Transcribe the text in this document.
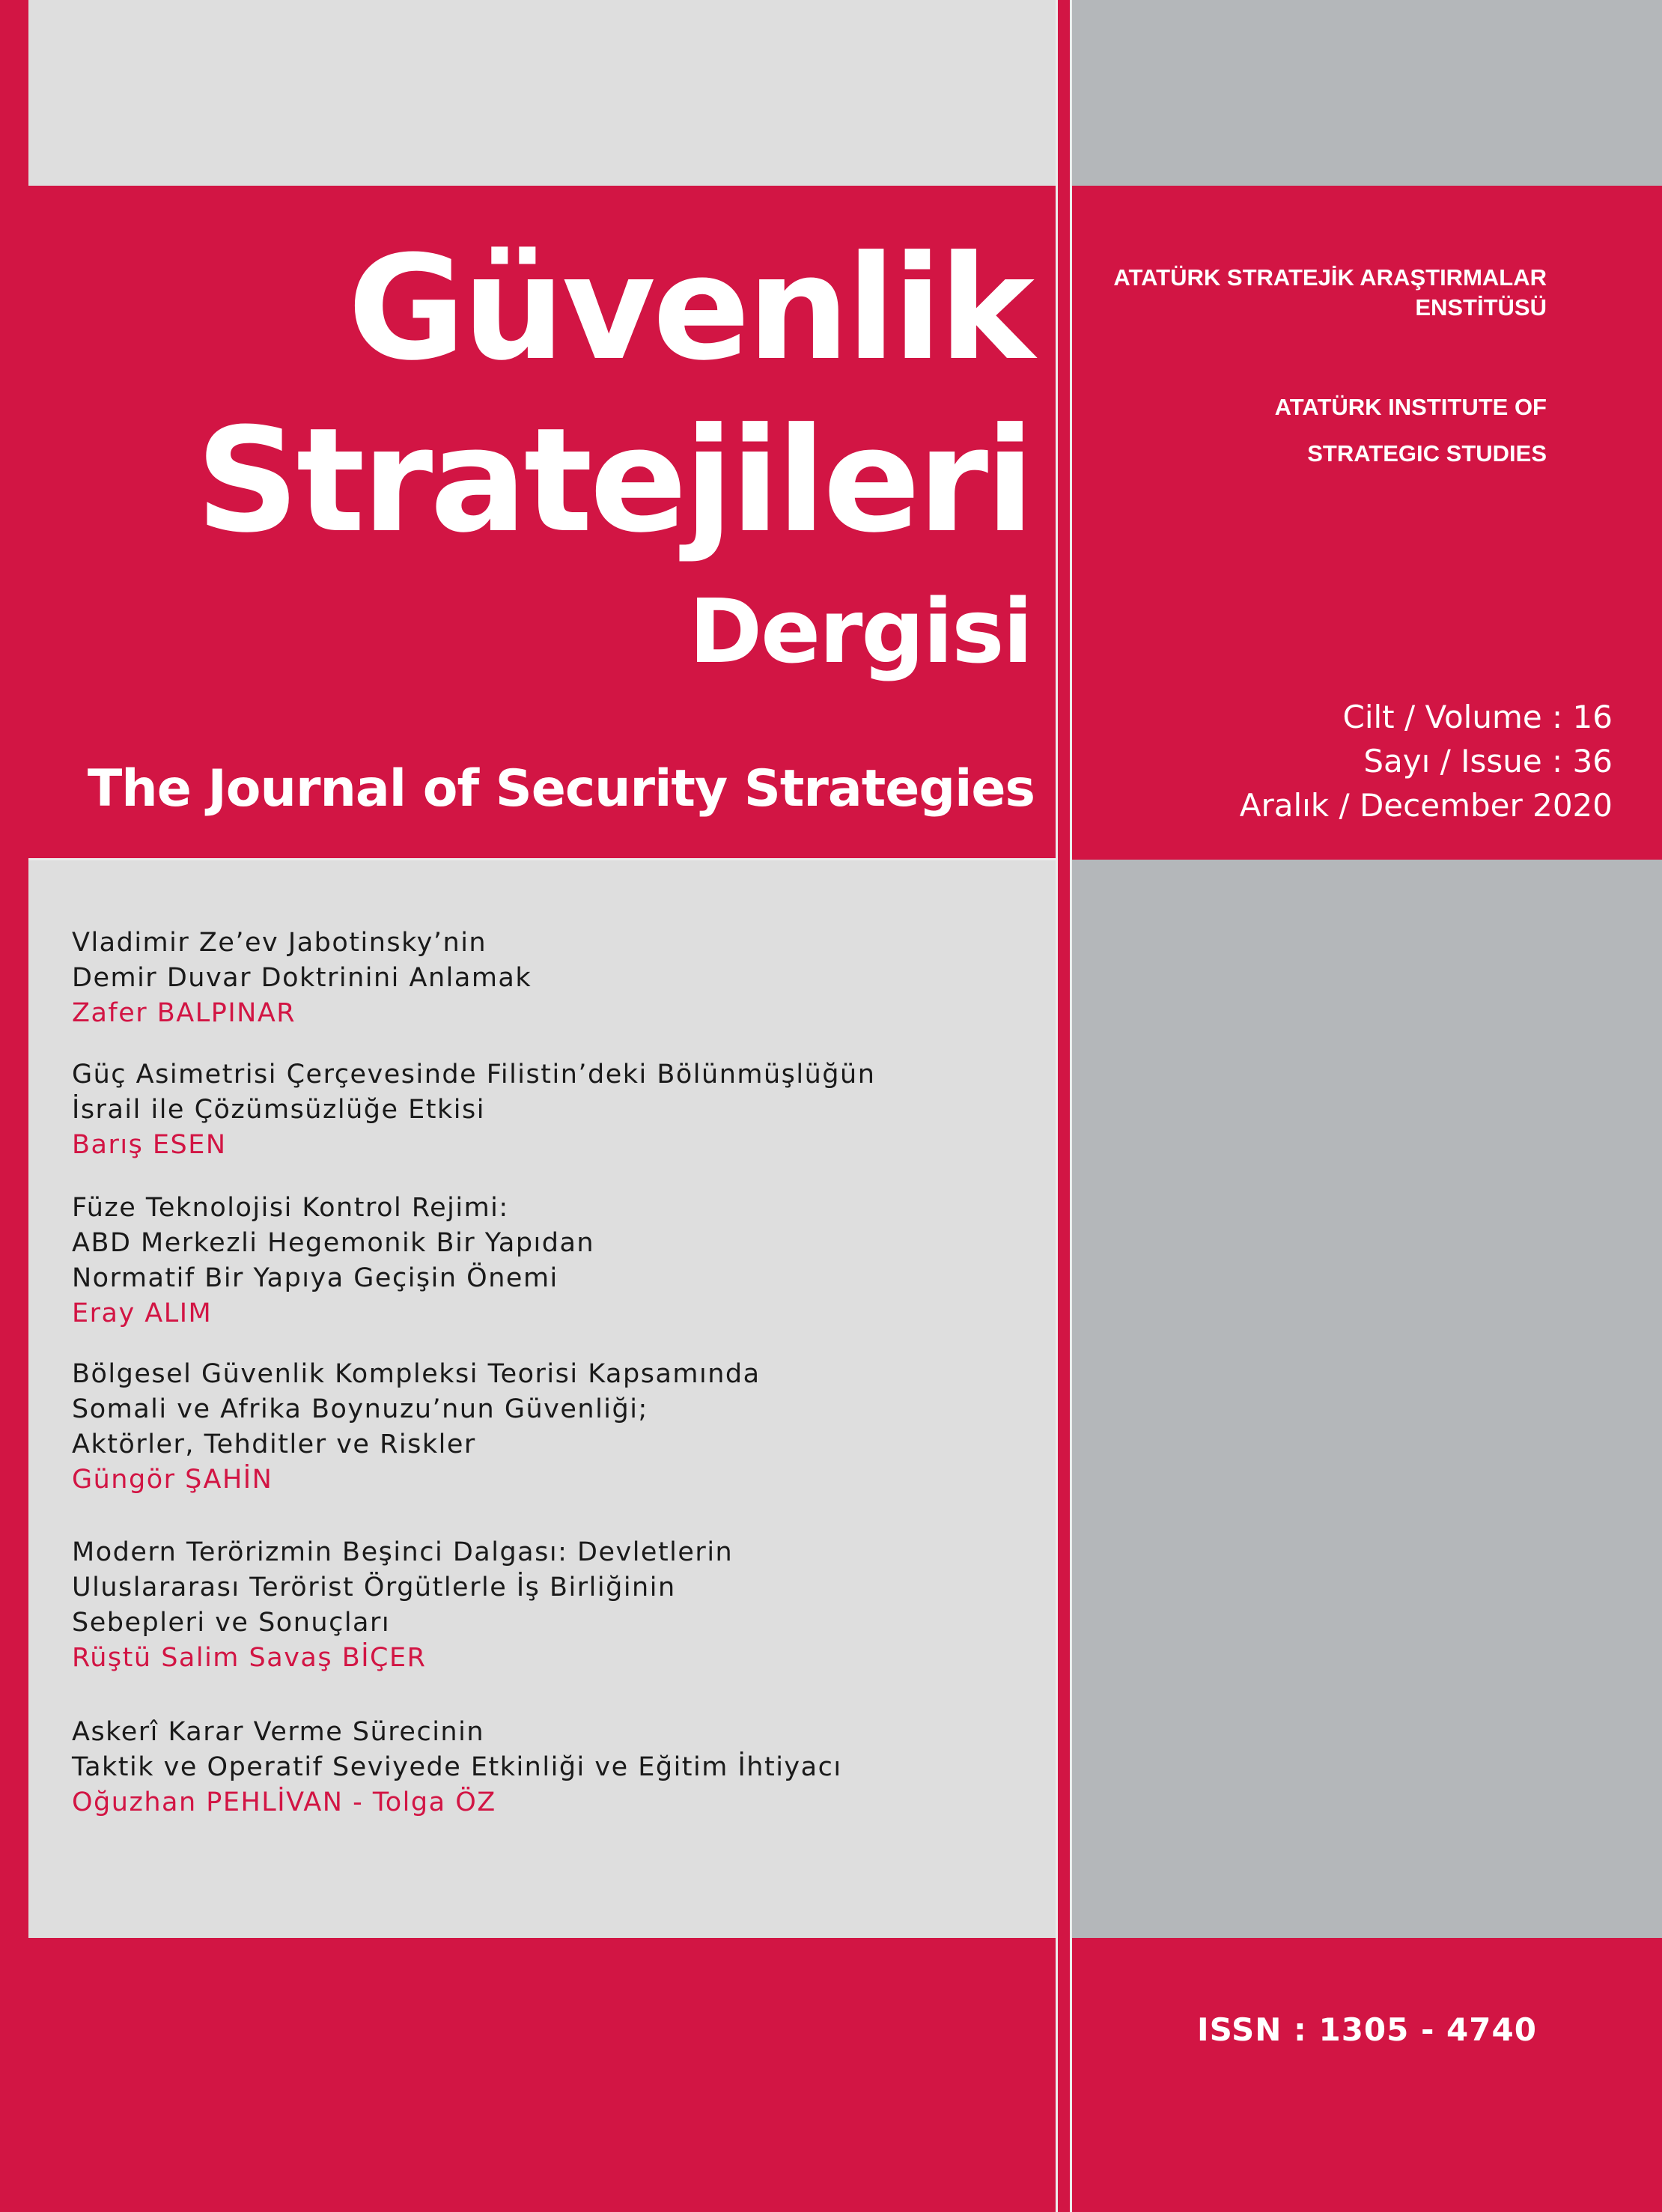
Güvenlik
Stratejileri
Dergisi
The Journal of Security Strategies
ATATÜRK STRATEJİK ARAŞTIRMALAR
ENSTİTÜSÜ
ATATÜRK INSTITUTE OF
STRATEGIC STUDIES
Cilt / Volume : 16
Sayı / Issue : 36
Aralık / December 2020
Vladimir Ze’ev Jabotinsky’nin
Demir Duvar Doktrinini Anlamak
Zafer BALPINAR
Güç Asimetrisi Çerçevesinde Filistin’deki Bölünmüşlüğün
İsrail ile Çözümsüzlüğe Etkisi
Barış ESEN
Füze Teknolojisi Kontrol Rejimi:
ABD Merkezli Hegemonik Bir Yapıdan
Normatif Bir Yapıya Geçişin Önemi
Eray ALIM
Bölgesel Güvenlik Kompleksi Teorisi Kapsamında
Somali ve Afrika Boynuzu’nun Güvenliği;
Aktörler, Tehditler ve Riskler
Güngör ŞAHİN
Modern Terörizmin Beşinci Dalgası: Devletlerin
Uluslararası Terörist Örgütlerle İş Birliğinin
Sebepleri ve Sonuçları
Rüştü Salim Savaş BİÇER
Askerî Karar Verme Sürecinin
Taktik ve Operatif Seviyede Etkinliği ve Eğitim İhtiyacı
Oğuzhan PEHLİVAN - Tolga ÖZ
ISSN : 1305 - 4740
